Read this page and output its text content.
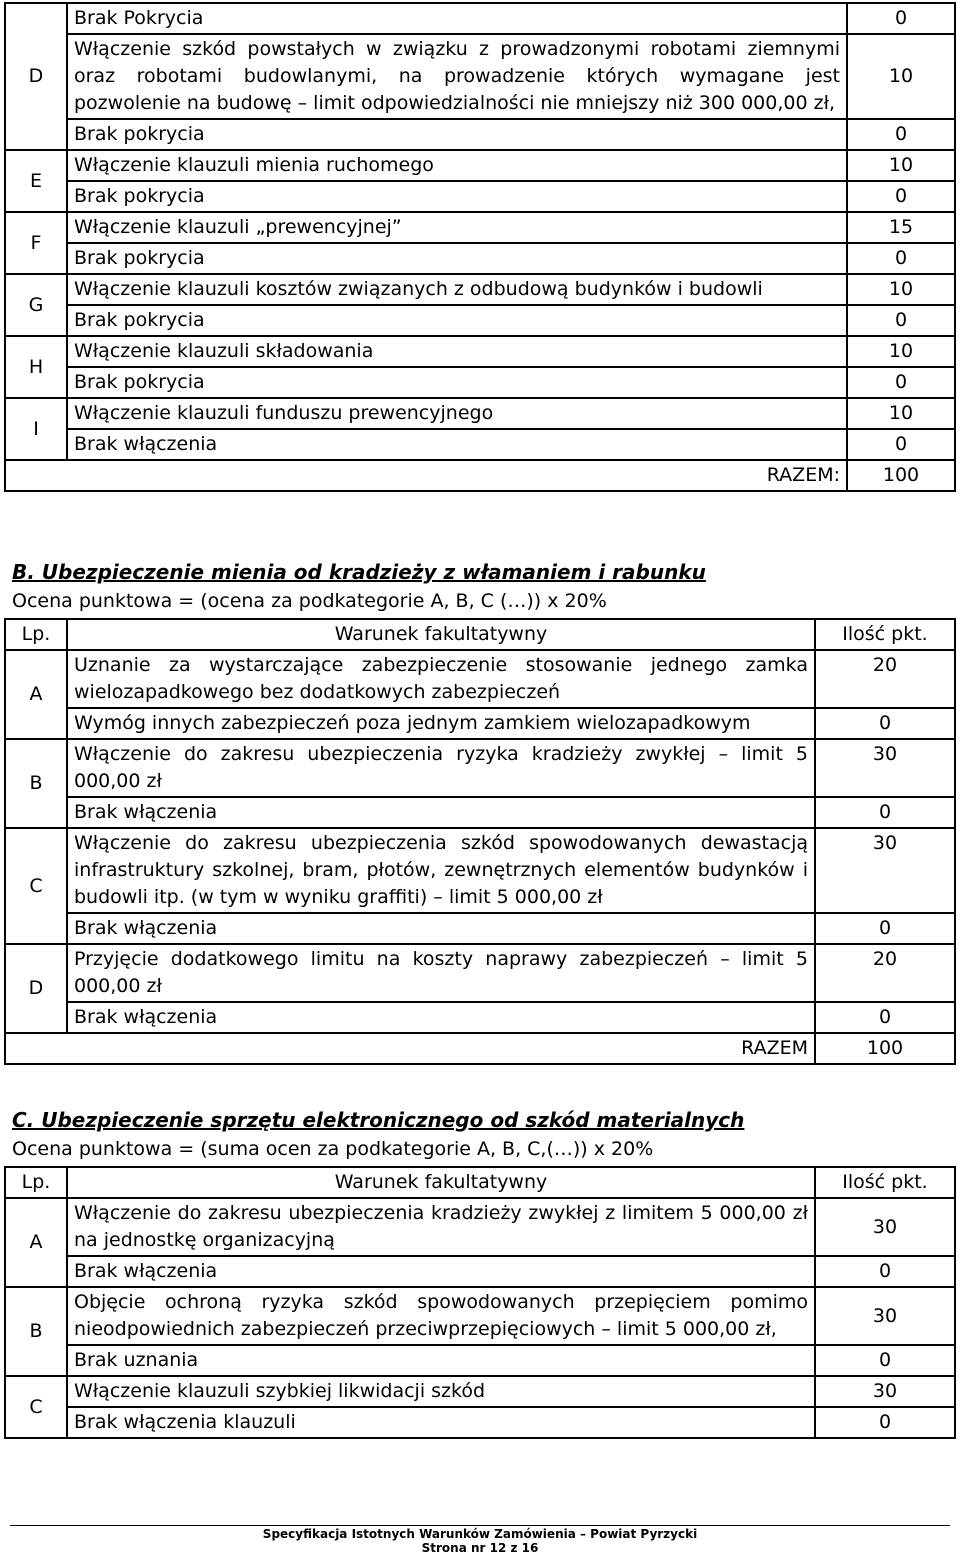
D	Brak Pokrycia	0
	Włączenie szkód powstałych w związku z prowadzonymi robotami ziemnymi oraz robotami budowlanymi, na prowadzenie których wymagane jest pozwolenie na budowę – limit odpowiedzialności nie mniejszy niż 300 000,00 zł,	10
	Brak pokrycia	0
E	Włączenie klauzuli mienia ruchomego	10
	Brak pokrycia	0
F	Włączenie klauzuli „prewencyjnej”	15
	Brak pokrycia	0
G	Włączenie klauzuli kosztów związanych z odbudową budynków i budowli	10
	Brak pokrycia	0
H	Włączenie klauzuli składowania	10
	Brak pokrycia	0
I	Włączenie klauzuli funduszu prewencyjnego	10
	Brak włączenia	0
RAZEM:		100
B. Ubezpieczenie mienia od kradzieży z włamaniem i rabunku
Ocena punktowa = (ocena za podkategorie A, B, C (…)) x 20%
Lp.	Warunek fakultatywny	Ilość pkt.
A	Uznanie za wystarczające zabezpieczenie stosowanie jednego zamka wielozapadkowego bez dodatkowych zabezpieczeń	20
	Wymóg innych zabezpieczeń poza jednym zamkiem wielozapadkowym	0
B	Włączenie do zakresu ubezpieczenia ryzyka kradzieży zwykłej – limit 5 000,00 zł	30
	Brak włączenia	0
C	Włączenie do zakresu ubezpieczenia szkód spowodowanych dewastacją infrastruktury szkolnej, bram, płotów, zewnętrznych elementów budynków i budowli itp. (w tym w wyniku graffiti) – limit 5 000,00 zł	30
	Brak włączenia	0
D	Przyjęcie dodatkowego limitu na koszty naprawy zabezpieczeń – limit 5 000,00 zł	20
	Brak włączenia	0
RAZEM		100
C. Ubezpieczenie sprzętu elektronicznego od szkód materialnych
Ocena punktowa = (suma ocen za podkategorie A, B, C,(…)) x 20%
Lp.	Warunek fakultatywny	Ilość pkt.
A	Włączenie do zakresu ubezpieczenia kradzieży zwykłej z limitem 5 000,00 zł na jednostkę organizacyjną	30
	Brak włączenia	0
B	Objęcie ochroną ryzyka szkód spowodowanych przepięciem pomimo nieodpowiednich zabezpieczeń przeciwprzepięciowych – limit 5 000,00 zł,	30
	Brak uznania	0
C	Włączenie klauzuli szybkiej likwidacji szkód	30
	Brak włączenia klauzuli	0
Specyfikacja Istotnych Warunków Zamówienia – Powiat Pyrzycki
Strona nr 12 z 16
